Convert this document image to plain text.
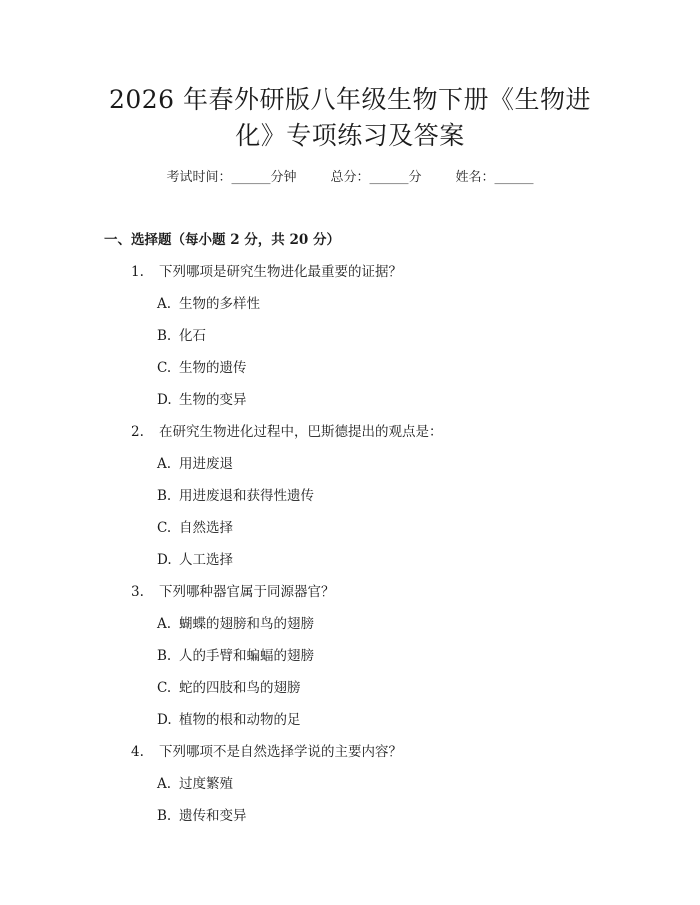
2026 年春外研版八年级生物下册《生物进
化》专项练习及答案
考试时间：______分钟	总分：______分	姓名：______
一、选择题（每小题 2 分，共 20 分）
1. 下列哪项是研究生物进化最重要的证据？
A. 生物的多样性
B. 化石
C. 生物的遗传
D. 生物的变异
2. 在研究生物进化过程中，巴斯德提出的观点是：
A. 用进废退
B. 用进废退和获得性遗传
C. 自然选择
D. 人工选择
3. 下列哪种器官属于同源器官？
A. 蝴蝶的翅膀和鸟的翅膀
B. 人的手臂和蝙蝠的翅膀
C. 蛇的四肢和鸟的翅膀
D. 植物的根和动物的足
4. 下列哪项不是自然选择学说的主要内容？
A. 过度繁殖
B. 遗传和变异
